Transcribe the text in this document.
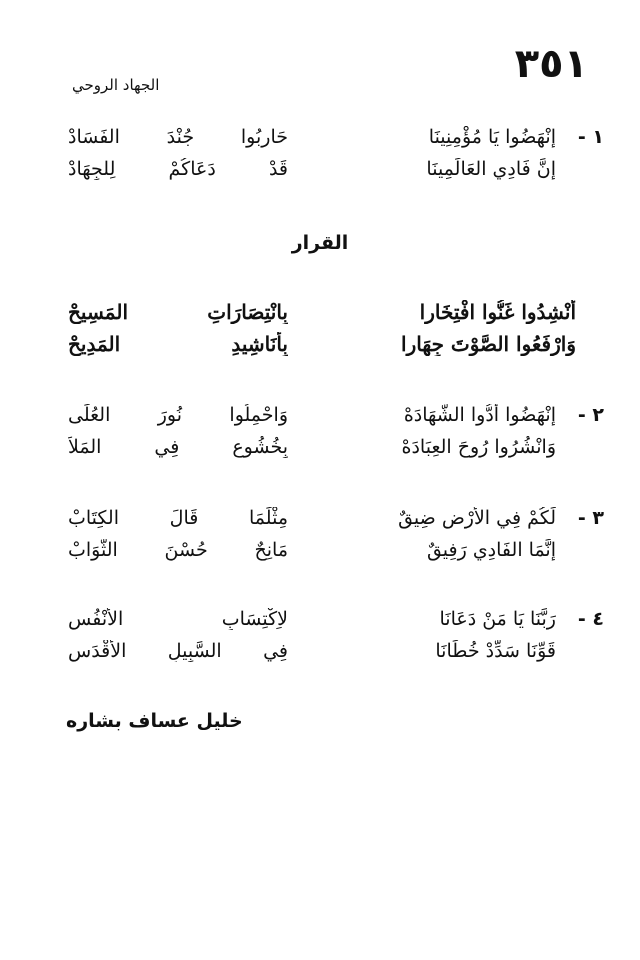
٣٥١
الجهاد الروحي
١ -
إِنْهَضُوا يَا مُؤْمِنِينَا
حَارِبُوا جُنْدَ الفَسَادْ
إِنَّ فَادِي العَالَمِينَا
قَدْ دَعَاكُمْ لِلجِهَادْ
القرار
أَنْشِدُوا غَنُّوا افْتِخَارا
بِانْتِصَارَاتِ المَسِيحْ
وَارْفَعُوا الصَّوْتَ جِهَارا
بِأَنَاشِيدِ المَدِيحْ
٢ -
إِنْهَضُوا أَدُّوا الشَّهَادَهْ
وَاحْمِلُوا نُورَ العُلَى
وَانْشُرُوا رُوحَ العِبَادَهْ
بِخُشُوعٍ فِي المَلاَ
٣ -
لَكُمْ فِي الأَرْضِ ضِيقٌ
مِثْلَمَا قَالَ الكِتَابْ
إِنَّمَا الفَادِي رَفِيقٌ
مَانِحٌ حُسْنَ الثَّوَابْ
٤ -
رَبَّنَا يَا مَنْ دَعَانَا
لاِكْتِسَابِ الأَنْفُسِ
قَوِّنَا سَدِّدْ خُطَانَا
فِي السَّبِيلِ الأَقْدَسِ
خليل عساف بشاره
